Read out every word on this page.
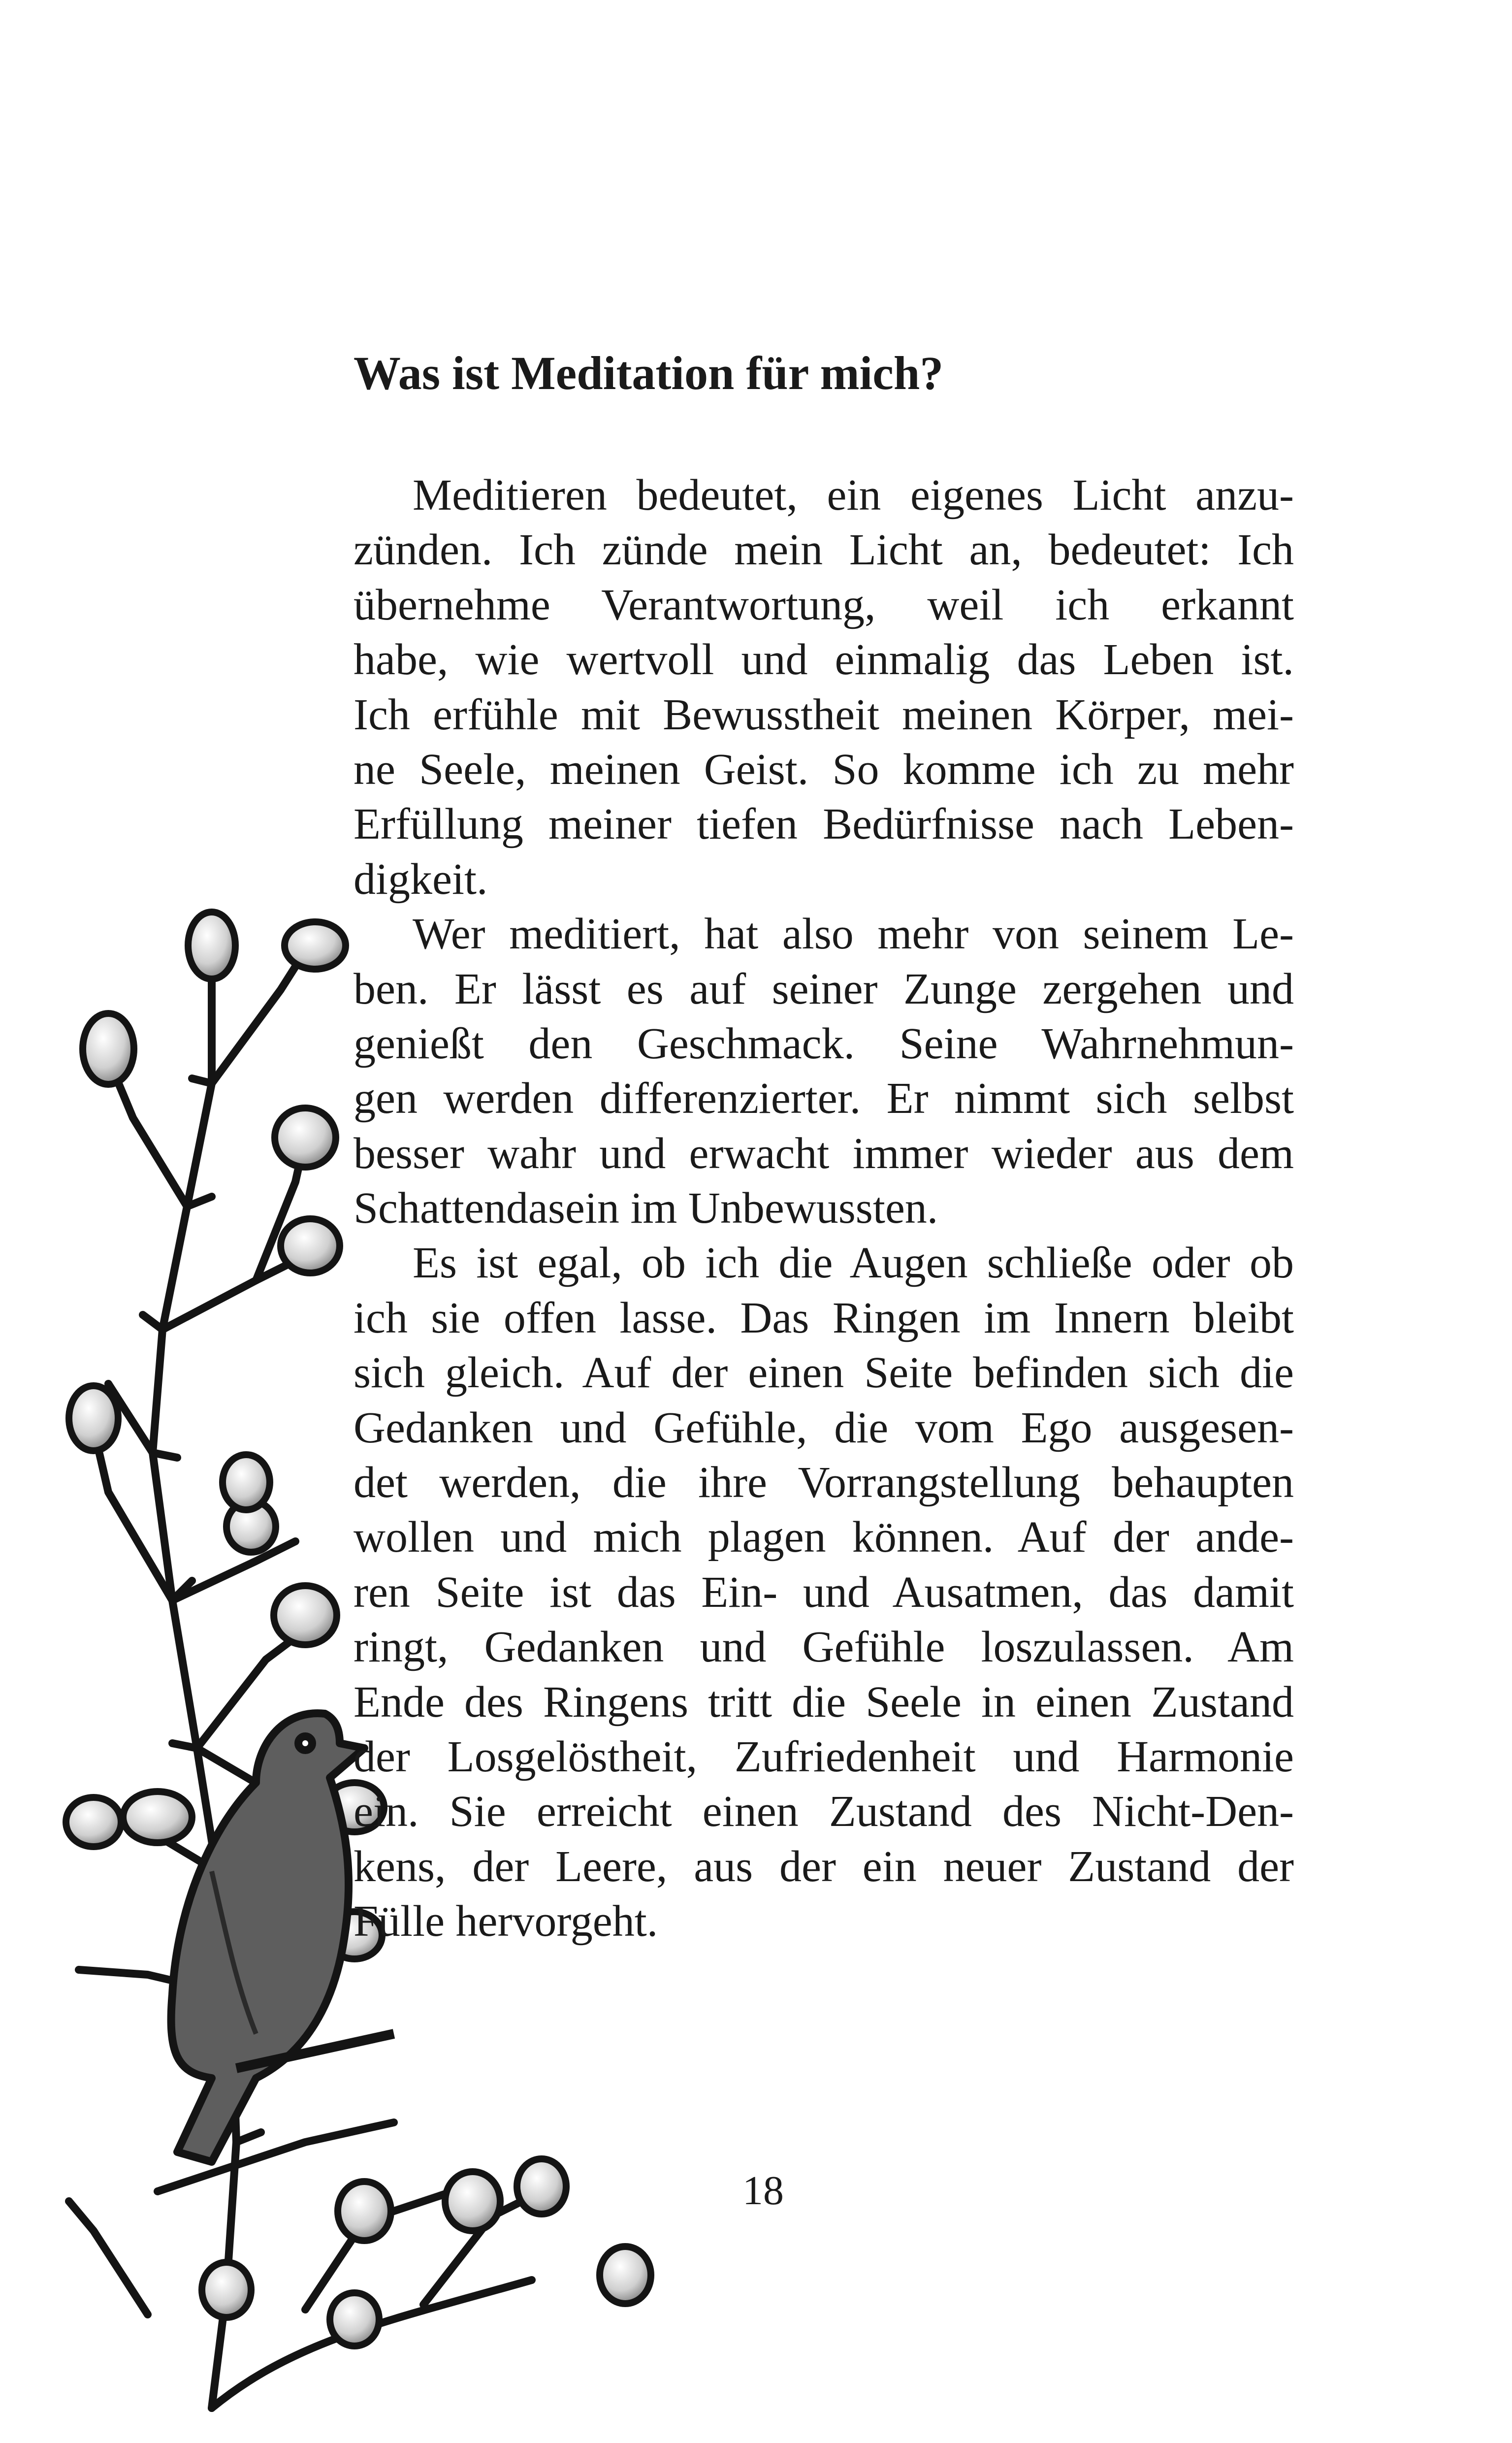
Was ist Meditation für mich?
Meditieren bedeutet, ein eigenes Licht anzu-
zünden. Ich zünde mein Licht an, bedeutet: Ich
übernehme Verantwortung, weil ich erkannt
habe, wie wertvoll und einmalig das Leben ist.
Ich erfühle mit Bewusstheit meinen Körper, mei-
ne Seele, meinen Geist. So komme ich zu mehr
Erfüllung meiner tiefen Bedürfnisse nach Leben-
digkeit.
Wer meditiert, hat also mehr von seinem Le-
ben. Er lässt es auf seiner Zunge zergehen und
genießt den Geschmack. Seine Wahrnehmun-
gen werden differenzierter. Er nimmt sich selbst
besser wahr und erwacht immer wieder aus dem
Schattendasein im Unbewussten.
Es ist egal, ob ich die Augen schließe oder ob
ich sie offen lasse. Das Ringen im Innern bleibt
sich gleich. Auf der einen Seite befinden sich die
Gedanken und Gefühle, die vom Ego ausgesen-
det werden, die ihre Vorrangstellung behaupten
wollen und mich plagen können. Auf der ande-
ren Seite ist das Ein- und Ausatmen, das damit
ringt, Gedanken und Gefühle loszulassen. Am
Ende des Ringens tritt die Seele in einen Zustand
der Losgelöstheit, Zufriedenheit und Harmonie
ein. Sie erreicht einen Zustand des Nicht-Den-
kens, der Leere, aus der ein neuer Zustand der
Fülle hervorgeht.
18
